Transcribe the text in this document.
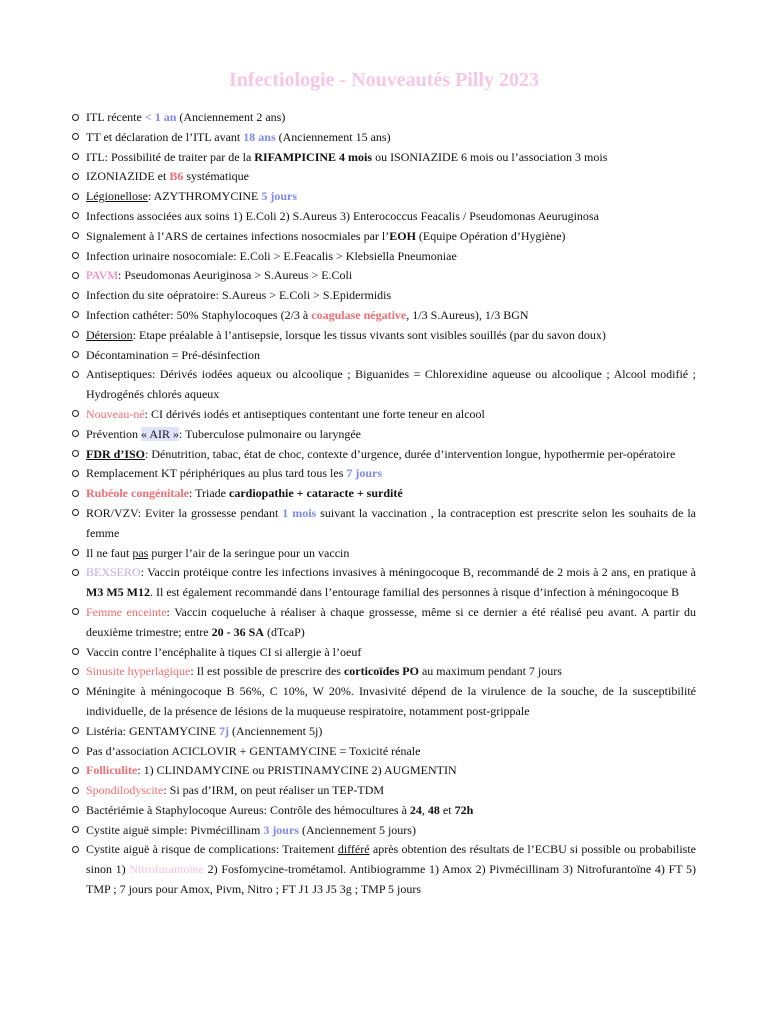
Infectiologie - Nouveautés Pilly 2023
ITL récente < 1 an (Anciennement 2 ans)
TT et déclaration de l’ITL avant 18 ans (Anciennement 15 ans)
ITL: Possibilité de traiter par de la RIFAMPICINE 4 mois ou ISONIAZIDE 6 mois ou l’association 3 mois
IZONIAZIDE et B6 systématique
Légionellose: AZYTHROMYCINE 5 jours
Infections associées aux soins 1) E.Coli 2) S.Aureus 3) Enterococcus Feacalis / Pseudomonas Aeuruginosa
Signalement à l’ARS de certaines infections nosocmiales par l’EOH (Equipe Opération d’Hygiène)
Infection urinaire nosocomiale: E.Coli > E.Feacalis > Klebsiella Pneumoniae
PAVM: Pseudomonas Aeuriginosa > S.Aureus > E.Coli
Infection du site oépratoire: S.Aureus > E.Coli > S.Epidermidis
Infection cathéter: 50% Staphylocoques (2/3 à coagulase négative, 1/3 S.Aureus), 1/3 BGN
Détersion: Etape préalable à l’antisepsie, lorsque les tissus vivants sont visibles souillés (par du savon doux)
Décontamination = Pré-désinfection
Antiseptiques: Dérivés iodées aqueux ou alcoolique ; Biguanides = Chlorexidine aqueuse ou alcoolique ; Alcool modifié ; Hydrogénés chlorés aqueux
Nouveau-né: CI dérivés iodés et antiseptiques contentant une forte teneur en alcool
Prévention « AIR »: Tuberculose pulmonaire ou laryngée
FDR d’ISO: Dénutrition, tabac, état de choc, contexte d’urgence, durée d’intervention longue, hypothermie per-opératoire
Remplacement KT périphériques au plus tard tous les 7 jours
Rubéole congénitale: Triade cardiopathie + cataracte + surdité
ROR/VZV: Eviter la grossesse pendant 1 mois suivant la vaccination , la contraception est prescrite selon les souhaits de la femme
Il ne faut pas purger l’air de la seringue pour un vaccin
BEXSERO: Vaccin protéique contre les infections invasives à méningocoque B, recommandé de 2 mois à 2 ans, en pratique à M3 M5 M12. Il est également recommandé dans l’entourage familial des personnes à risque d’infection à méningocoque B
Femme enceinte: Vaccin coqueluche à réaliser à chaque grossesse, même si ce dernier a été réalisé peu avant. A partir du deuxième trimestre; entre 20 - 36 SA (dTcaP)
Vaccin contre l’encéphalite à tiques CI si allergie à l’oeuf
Sinusite hyperlagique: Il est possible de prescrire des corticoïdes PO au maximum pendant 7 jours
Méningite à méningocoque B 56%, C 10%, W 20%. Invasivité dépend de la virulence de la souche, de la susceptibilité individuelle, de la présence de lésions de la muqueuse respiratoire, notamment post-grippale
Listéria: GENTAMYCINE 7j (Anciennement 5j)
Pas d’association ACICLOVIR + GENTAMYCINE = Toxicité rénale
Folliculite: 1) CLINDAMYCINE ou PRISTINAMYCINE 2) AUGMENTIN
Spondilodyscite: Si pas d’IRM, on peut réaliser un TEP-TDM
Bactériémie à Staphylocoque Aureus: Contrôle des hémocultures à 24, 48 et 72h
Cystite aiguë simple: Pivmécillinam 3 jours (Anciennement 5 jours)
Cystite aiguë à risque de complications: Traitement différé après obtention des résultats de l’ECBU si possible ou probabiliste sinon 1) Nitrofurantoïne 2) Fosfomycine-trométamol. Antibiogramme 1) Amox 2) Pivmécillinam 3) Nitrofurantoïne 4) FT 5) TMP ; 7 jours pour Amox, Pivm, Nitro ; FT J1 J3 J5 3g ; TMP 5 jours
